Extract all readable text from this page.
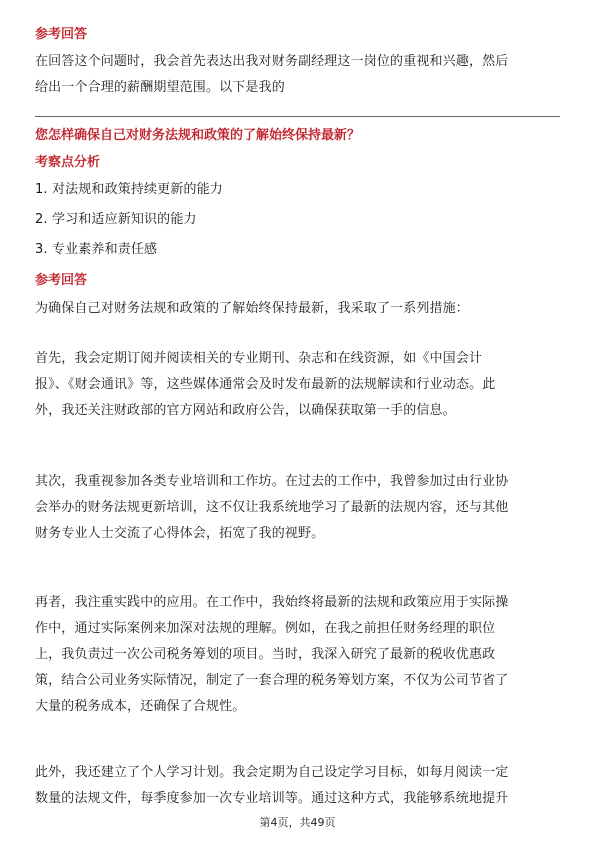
参考回答
在回答这个问题时，我会首先表达出我对财务副经理这一岗位的重视和兴趣，然后
给出一个合理的薪酬期望范围。以下是我的
您怎样确保自己对财务法规和政策的了解始终保持最新？
考察点分析
1. 对法规和政策持续更新的能力
2. 学习和适应新知识的能力
3. 专业素养和责任感
参考回答
为确保自己对财务法规和政策的了解始终保持最新，我采取了一系列措施：
首先，我会定期订阅并阅读相关的专业期刊、杂志和在线资源，如《中国会计
报》、《财会通讯》等，这些媒体通常会及时发布最新的法规解读和行业动态。此
外，我还关注财政部的官方网站和政府公告，以确保获取第一手的信息。
其次，我重视参加各类专业培训和工作坊。在过去的工作中，我曾参加过由行业协
会举办的财务法规更新培训，这不仅让我系统地学习了最新的法规内容，还与其他
财务专业人士交流了心得体会，拓宽了我的视野。
再者，我注重实践中的应用。在工作中，我始终将最新的法规和政策应用于实际操
作中，通过实际案例来加深对法规的理解。例如，在我之前担任财务经理的职位
上，我负责过一次公司税务筹划的项目。当时，我深入研究了最新的税收优惠政
策，结合公司业务实际情况，制定了一套合理的税务筹划方案，不仅为公司节省了
大量的税务成本，还确保了合规性。
此外，我还建立了个人学习计划。我会定期为自己设定学习目标，如每月阅读一定
数量的法规文件，每季度参加一次专业培训等。通过这种方式，我能够系统地提升
第4页，共49页
